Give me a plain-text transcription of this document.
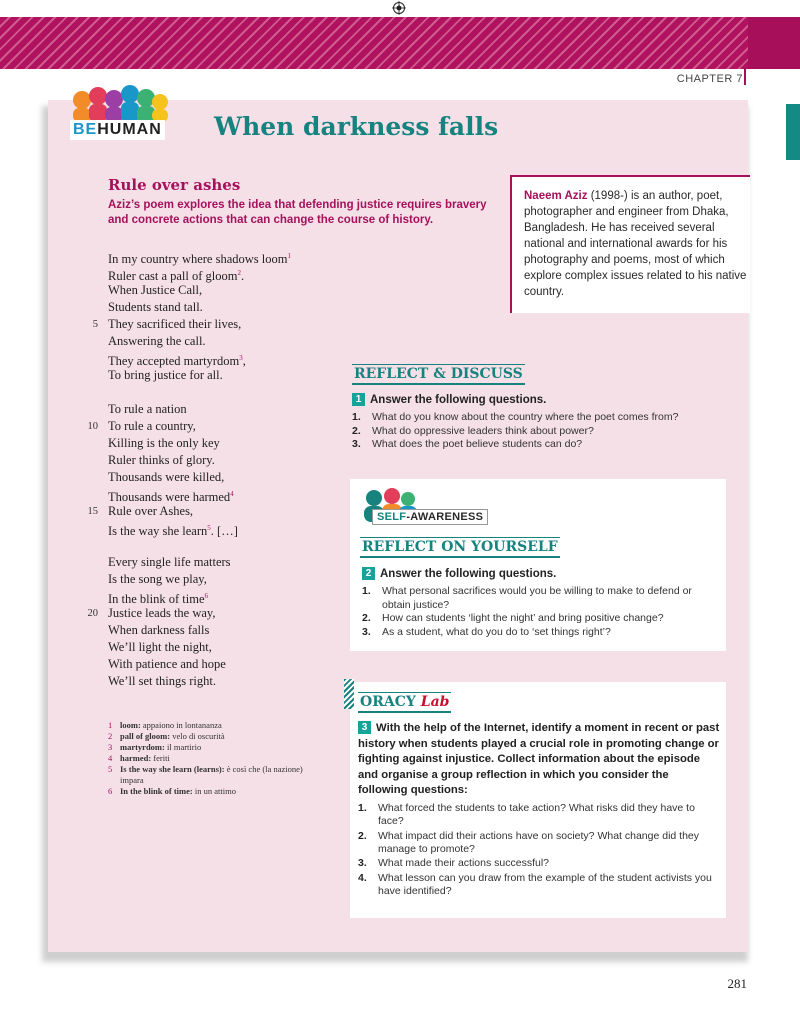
CHAPTER 7
BEHUMAN When darkness falls
Rule over ashes
Aziz’s poem explores the idea that defending justice requires bravery and concrete actions that can change the course of history.
In my country where shadows loom$^1$
Ruler cast a pall of gloom$^2$.
When Justice Call,
Students stand tall.
5 They sacrificed their lives,
Answering the call.
They accepted martyrdom$^3$,
To bring justice for all.
To rule a nation
10 To rule a country,
Killing is the only key
Ruler thinks of glory.
Thousands were killed,
Thousands were harmed$^4$
15 Rule over Ashes,
Is the way she learn$^5$. […]
Every single life matters
Is the song we play,
In the blink of time$^6$
20 Justice leads the way,
When darkness falls
We’ll light the night,
With patience and hope
We’ll set things right.
1 loom: appaiono in lontananza
2 pall of gloom: velo di oscurità
3 martyrdom: il martirio
4 harmed: feriti
5 Is the way she learn (learns): è così che (la nazione) impara
6 In the blink of time: in un attimo
Naeem Aziz (1998-) is an author, poet, photographer and engineer from Dhaka, Bangladesh. He has received several national and international awards for his photography and poems, most of which explore complex issues related to his native country.
REFLECT & DISCUSS
1 Answer the following questions.
1. What do you know about the country where the poet comes from?
2. What do oppressive leaders think about power?
3. What does the poet believe students can do?
SELF-AWARENESS
REFLECT ON YOURSELF
2 Answer the following questions.
1. What personal sacrifices would you be willing to make to defend or obtain justice?
2. How can students ‘light the night’ and bring positive change?
3. As a student, what do you do to ‘set things right’?
ORACY Lab
3 With the help of the Internet, identify a moment in recent or past history when students played a crucial role in promoting change or fighting against injustice. Collect information about the episode and organise a group reflection in which you consider the following questions:
1. What forced the students to take action? What risks did they have to face?
2. What impact did their actions have on society? What change did they manage to promote?
3. What made their actions successful?
4. What lesson can you draw from the example of the student activists you have identified?
281
